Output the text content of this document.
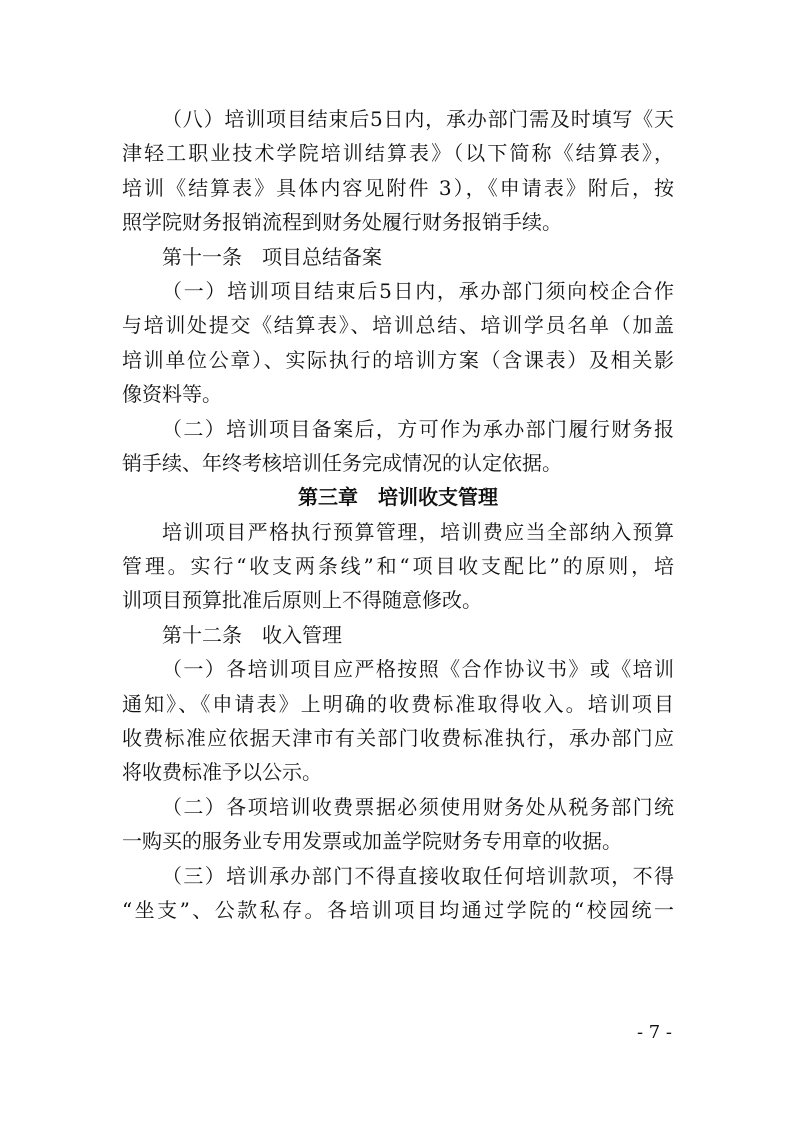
（八）培训项目结束后5日内，承办部门需及时填写《天
津轻工职业技术学院培训结算表》（以下简称《结算表》，
培训《结算表》具体内容见附件 3），《申请表》附后，按
照学院财务报销流程到财务处履行财务报销手续。
第十一条　项目总结备案
（一）培训项目结束后5日内，承办部门须向校企合作
与培训处提交《结算表》、培训总结、培训学员名单（加盖
培训单位公章）、实际执行的培训方案（含课表）及相关影
像资料等。
（二）培训项目备案后，方可作为承办部门履行财务报
销手续、年终考核培训任务完成情况的认定依据。
第三章　培训收支管理
培训项目严格执行预算管理，培训费应当全部纳入预算
管理。实行“收支两条线”和“项目收支配比”的原则，培
训项目预算批准后原则上不得随意修改。
第十二条　收入管理
（一）各培训项目应严格按照《合作协议书》或《培训
通知》、《申请表》上明确的收费标准取得收入。培训项目
收费标准应依据天津市有关部门收费标准执行，承办部门应
将收费标准予以公示。
（二）各项培训收费票据必须使用财务处从税务部门统
一购买的服务业专用发票或加盖学院财务专用章的收据。
（三）培训承办部门不得直接收取任何培训款项，不得
“坐支”、公款私存。各培训项目均通过学院的“校园统一
- 7 -
